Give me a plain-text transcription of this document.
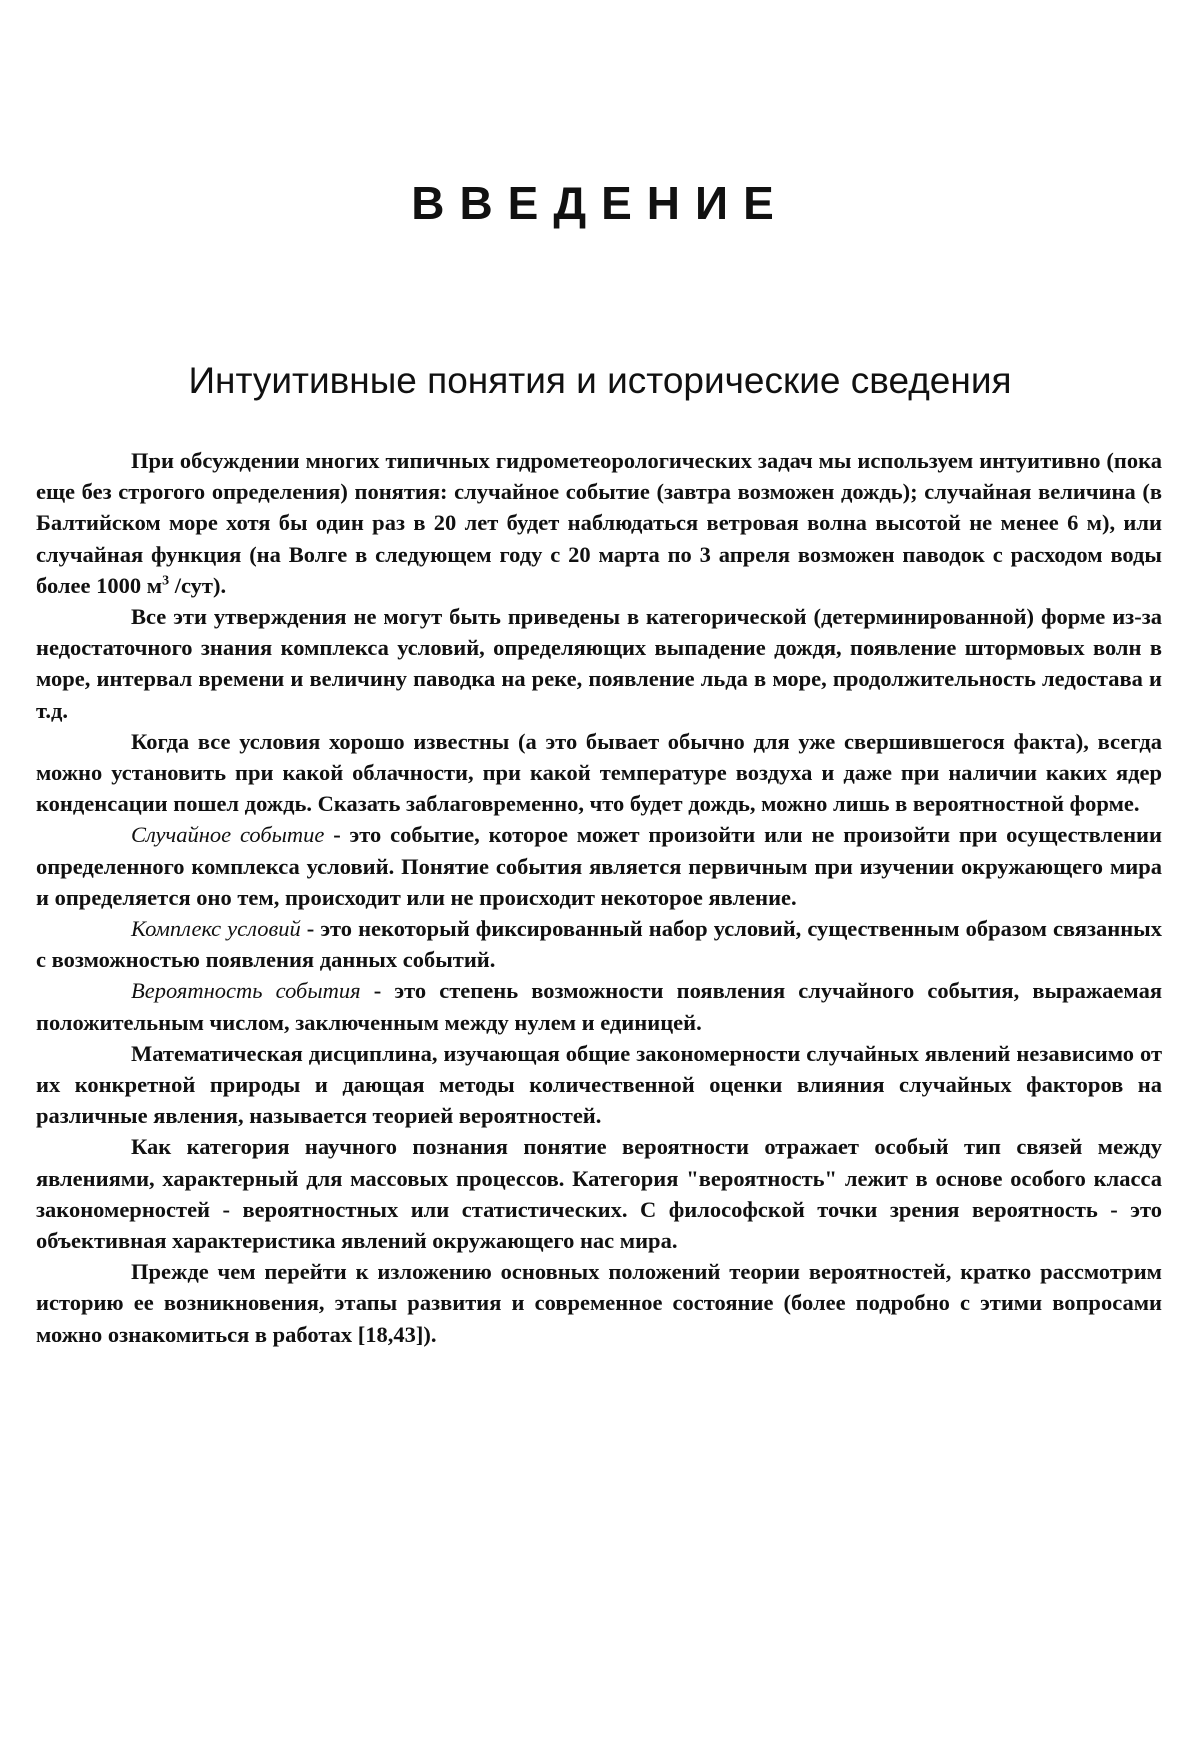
ВВЕДЕНИЕ
Интуитивные понятия и исторические сведения

При обсуждении многих типичных гидрометеорологических задач мы используем интуитивно (пока еще без строгого определения) понятия: случайное событие (завтра возможен дождь); случайная величина (в Балтийском море хотя бы один раз в 20 лет будет наблюдаться ветровая волна высотой не менее 6 м), или случайная функция (на Волге в следующем году с 20 марта по 3 апреля возможен паводок с расходом воды более 1000 $м^3$ /сут).

Все эти утверждения не могут быть приведены в категорической (детерминированной) форме из-за недостаточного знания комплекса условий, определяющих выпадение дождя, появление штормовых волн в море, интервал времени и величину паводка на реке, появление льда в море, продолжительность ледостава и т.д.

Когда все условия хорошо известны (а это бывает обычно для уже свершившегося факта), всегда можно установить при какой облачности, при какой температуре воздуха и даже при наличии каких ядер конденсации пошел дождь. Сказать заблаговременно, что будет дождь, можно лишь в вероятностной форме.

Случайное событие - это событие, которое может произойти или не произойти при осуществлении определенного комплекса условий. Понятие события является первичным при изучении окружающего мира и определяется оно тем, происходит или не происходит некоторое явление.

Комплекс условий - это некоторый фиксированный набор условий, существенным образом связанных с возможностью появления данных событий.

Вероятность события - это степень возможности появления случайного события, выражаемая положительным числом, заключенным между нулем и единицей.

Математическая дисциплина, изучающая общие закономерности случайных явлений независимо от их конкретной природы и дающая методы количественной оценки влияния случайных факторов на различные явления, называется теорией вероятностей.

Как категория научного познания понятие вероятности отражает особый тип связей между явлениями, характерный для массовых процессов. Категория "вероятность" лежит в основе особого класса закономерностей - вероятностных или статистических. С философской точки зрения вероятность - это объективная характеристика явлений окружающего нас мира.

Прежде чем перейти к изложению основных положений теории вероятностей, кратко рассмотрим историю ее возникновения, этапы развития и современное состояние (более подробно с этими вопросами можно ознакомиться в работах [18,43]).
